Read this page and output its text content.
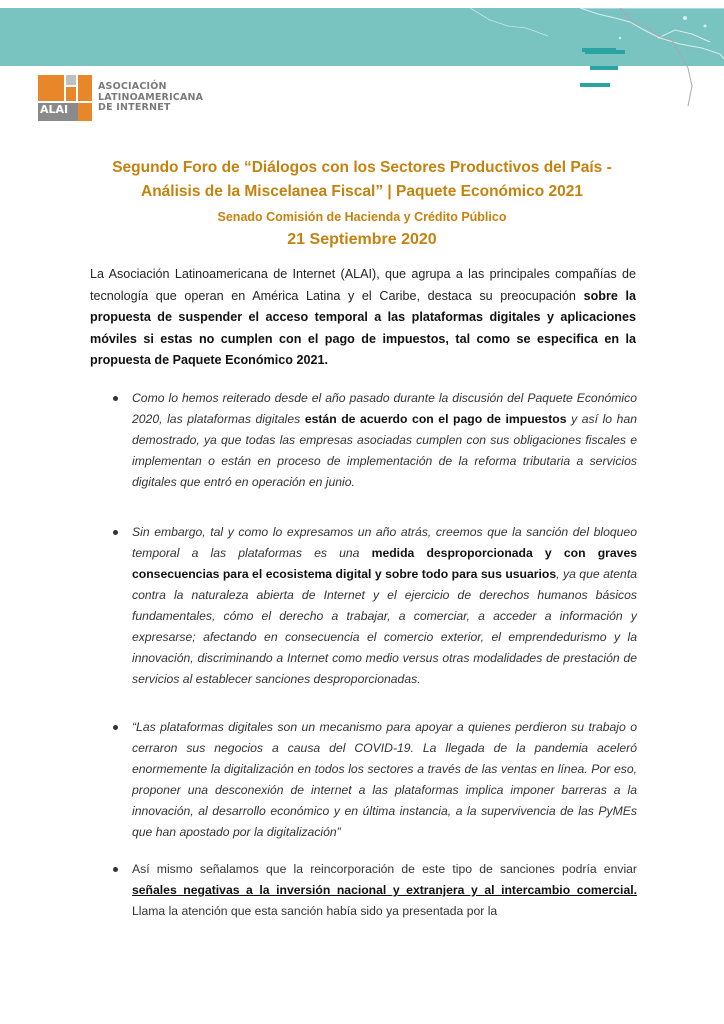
ALAI
ASOCIACIÓN
LATINOAMERICANA
DE INTERNET
Segundo Foro de “Diálogos con los Sectores Productivos del País -
Análisis de la Miscelanea Fiscal” | Paquete Económico 2021
Senado Comisión de Hacienda y Crédito Público
21 Septiembre 2020
La Asociación Latinoamericana de Internet (ALAI), que agrupa a las principales compañías de tecnología que operan en América Latina y el Caribe, destaca su preocupación sobre la propuesta de suspender el acceso temporal a las plataformas digitales y aplicaciones móviles si estas no cumplen con el pago de impuestos, tal como se especifica en la propuesta de Paquete Económico 2021.
Como lo hemos reiterado desde el año pasado durante la discusión del Paquete Económico 2020, las plataformas digitales están de acuerdo con el pago de impuestos y así lo han demostrado, ya que todas las empresas asociadas cumplen con sus obligaciones fiscales e implementan o están en proceso de implementación de la reforma tributaria a servicios digitales que entró en operación en junio.
Sin embargo, tal y como lo expresamos un año atrás, creemos que la sanción del bloqueo temporal a las plataformas es una medida desproporcionada y con graves consecuencias para el ecosistema digital y sobre todo para sus usuarios, ya que atenta contra la naturaleza abierta de Internet y el ejercicio de derechos humanos básicos fundamentales, cómo el derecho a trabajar, a comerciar, a acceder a información y expresarse; afectando en consecuencia el comercio exterior, el emprendedurismo y la innovación, discriminando a Internet como medio versus otras modalidades de prestación de servicios al establecer sanciones desproporcionadas.
“Las plataformas digitales son un mecanismo para apoyar a quienes perdieron su trabajo o cerraron sus negocios a causa del COVID-19. La llegada de la pandemia aceleró enormemente la digitalización en todos los sectores a través de las ventas en línea. Por eso, proponer una desconexión de internet a las plataformas implica imponer barreras a la innovación, al desarrollo económico y en última instancia, a la supervivencia de las PyMEs que han apostado por la digitalización”
Así mismo señalamos que la reincorporación de este tipo de sanciones podría enviar señales negativas a la inversión nacional y extranjera y al intercambio comercial. Llama la atención que esta sanción había sido ya presentada por la
